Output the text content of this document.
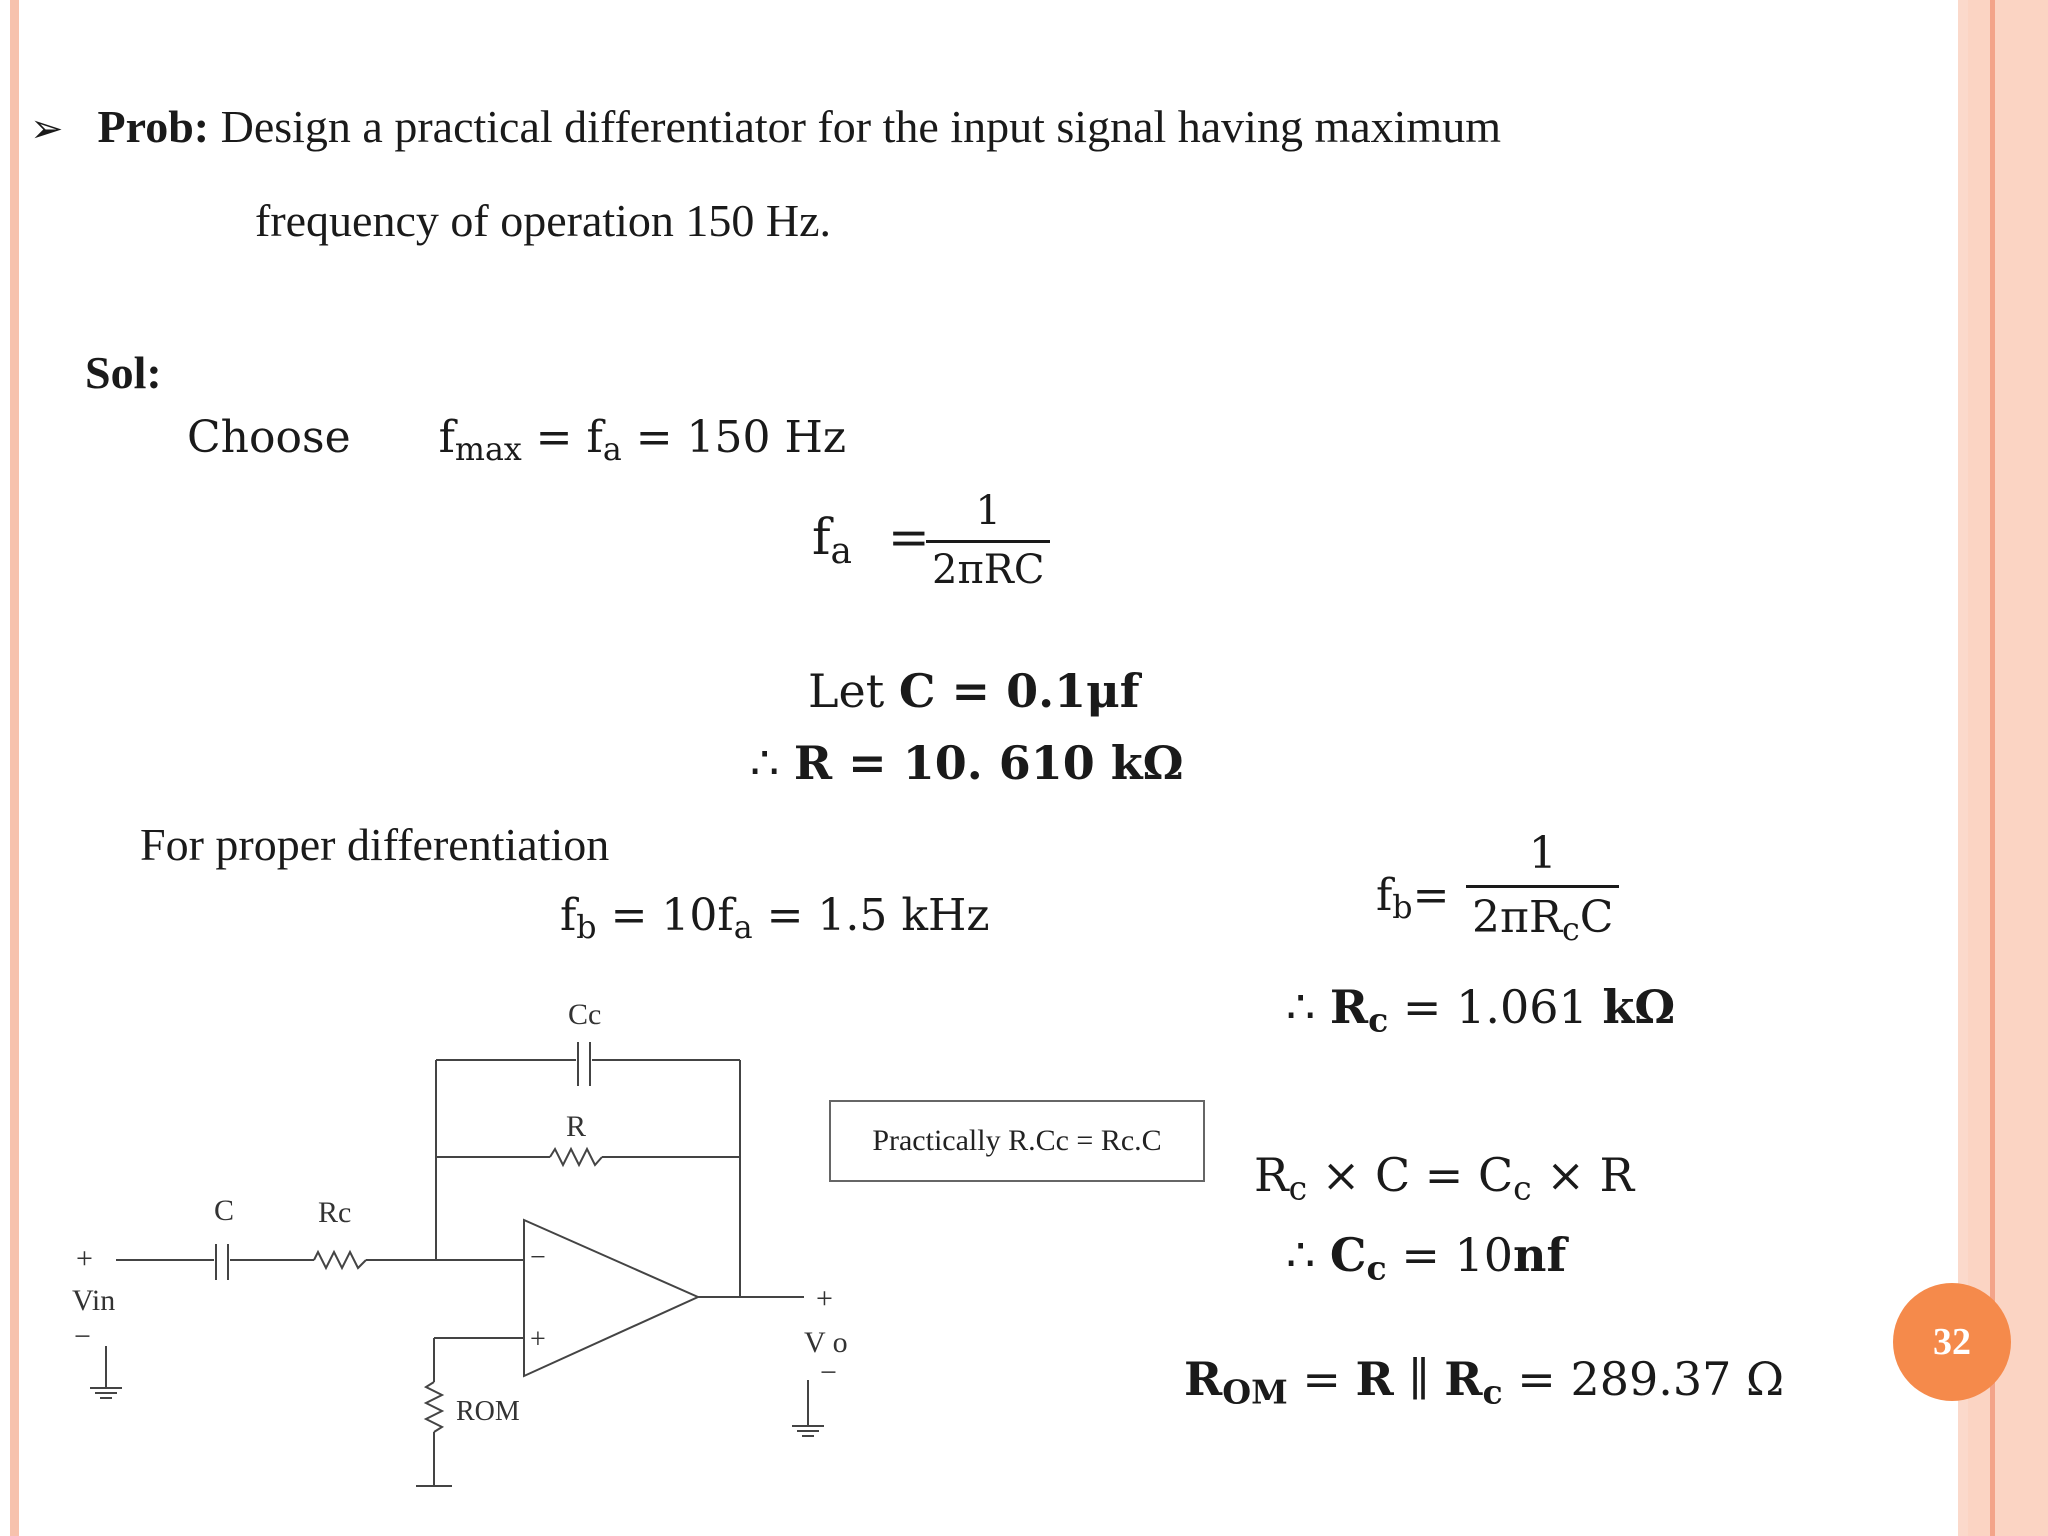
➢ Prob: Design a practical differentiator for the input signal having maximum
frequency of operation 150 Hz.
Sol:
Choose $f_{max} = f_a = 150$ Hz
$f_a = 1$
2πRC
Let C = 0.1μf
∴ R = 10. 610 kΩ
For proper differentiation
$f_b = 10f_a = 1.5$ kHz	$f_b=$
1
$2\pi R_cC$
∴ $R_c = 1.061$ kΩ
Practically R.Cc = Rc.C
$R_c \times C = C_c \times R$
∴ $C_c = 10nf$
$R_{OM} = R$ ∥ $R_c = 289.37$ Ω
Cc
R
C	Rc
+
Vin
−
−
+
ROM
+
V o
−
32
